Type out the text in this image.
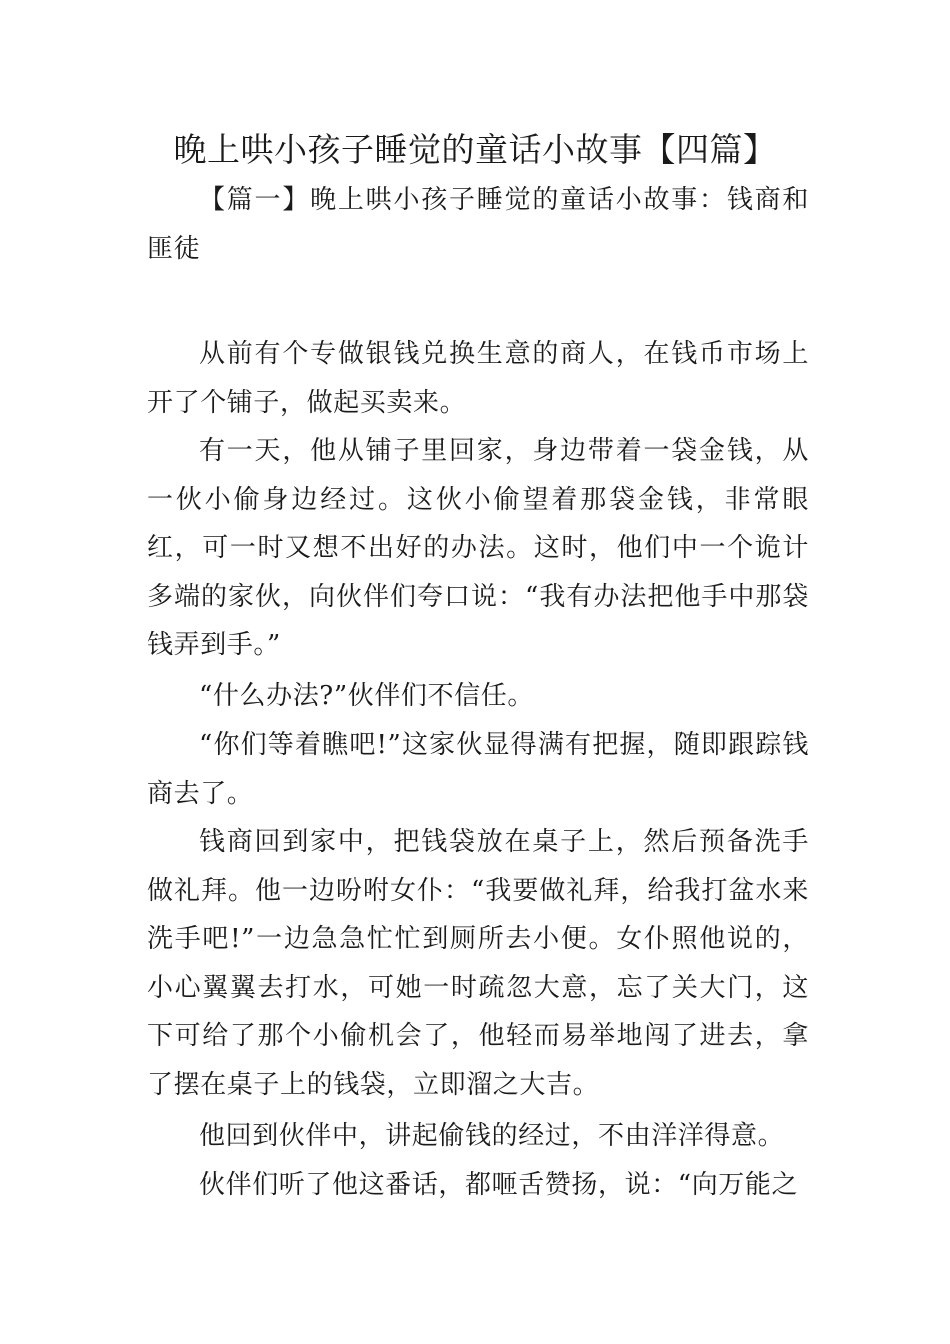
晚上哄小孩子睡觉的童话小故事【四篇】

【篇一】晚上哄小孩子睡觉的童话小故事：钱商和匪徒

从前有个专做银钱兑换生意的商人，在钱币市场上开了个铺子，做起买卖来。

有一天，他从铺子里回家，身边带着一袋金钱，从一伙小偷身边经过。这伙小偷望着那袋金钱，非常眼红，可一时又想不出好的办法。这时，他们中一个诡计多端的家伙，向伙伴们夸口说：“我有办法把他手中那袋钱弄到手。”

“什么办法?”伙伴们不信任。

“你们等着瞧吧!”这家伙显得满有把握，随即跟踪钱商去了。

钱商回到家中，把钱袋放在桌子上，然后预备洗手做礼拜。他一边吩咐女仆：“我要做礼拜，给我打盆水来洗手吧!”一边急急忙忙到厕所去小便。女仆照他说的，小心翼翼去打水，可她一时疏忽大意，忘了关大门，这下可给了那个小偷机会了，他轻而易举地闯了进去，拿了摆在桌子上的钱袋，立即溜之大吉。

他回到伙伴中，讲起偷钱的经过，不由洋洋得意。

伙伴们听了他这番话，都咂舌赞扬，说：“向万能之
